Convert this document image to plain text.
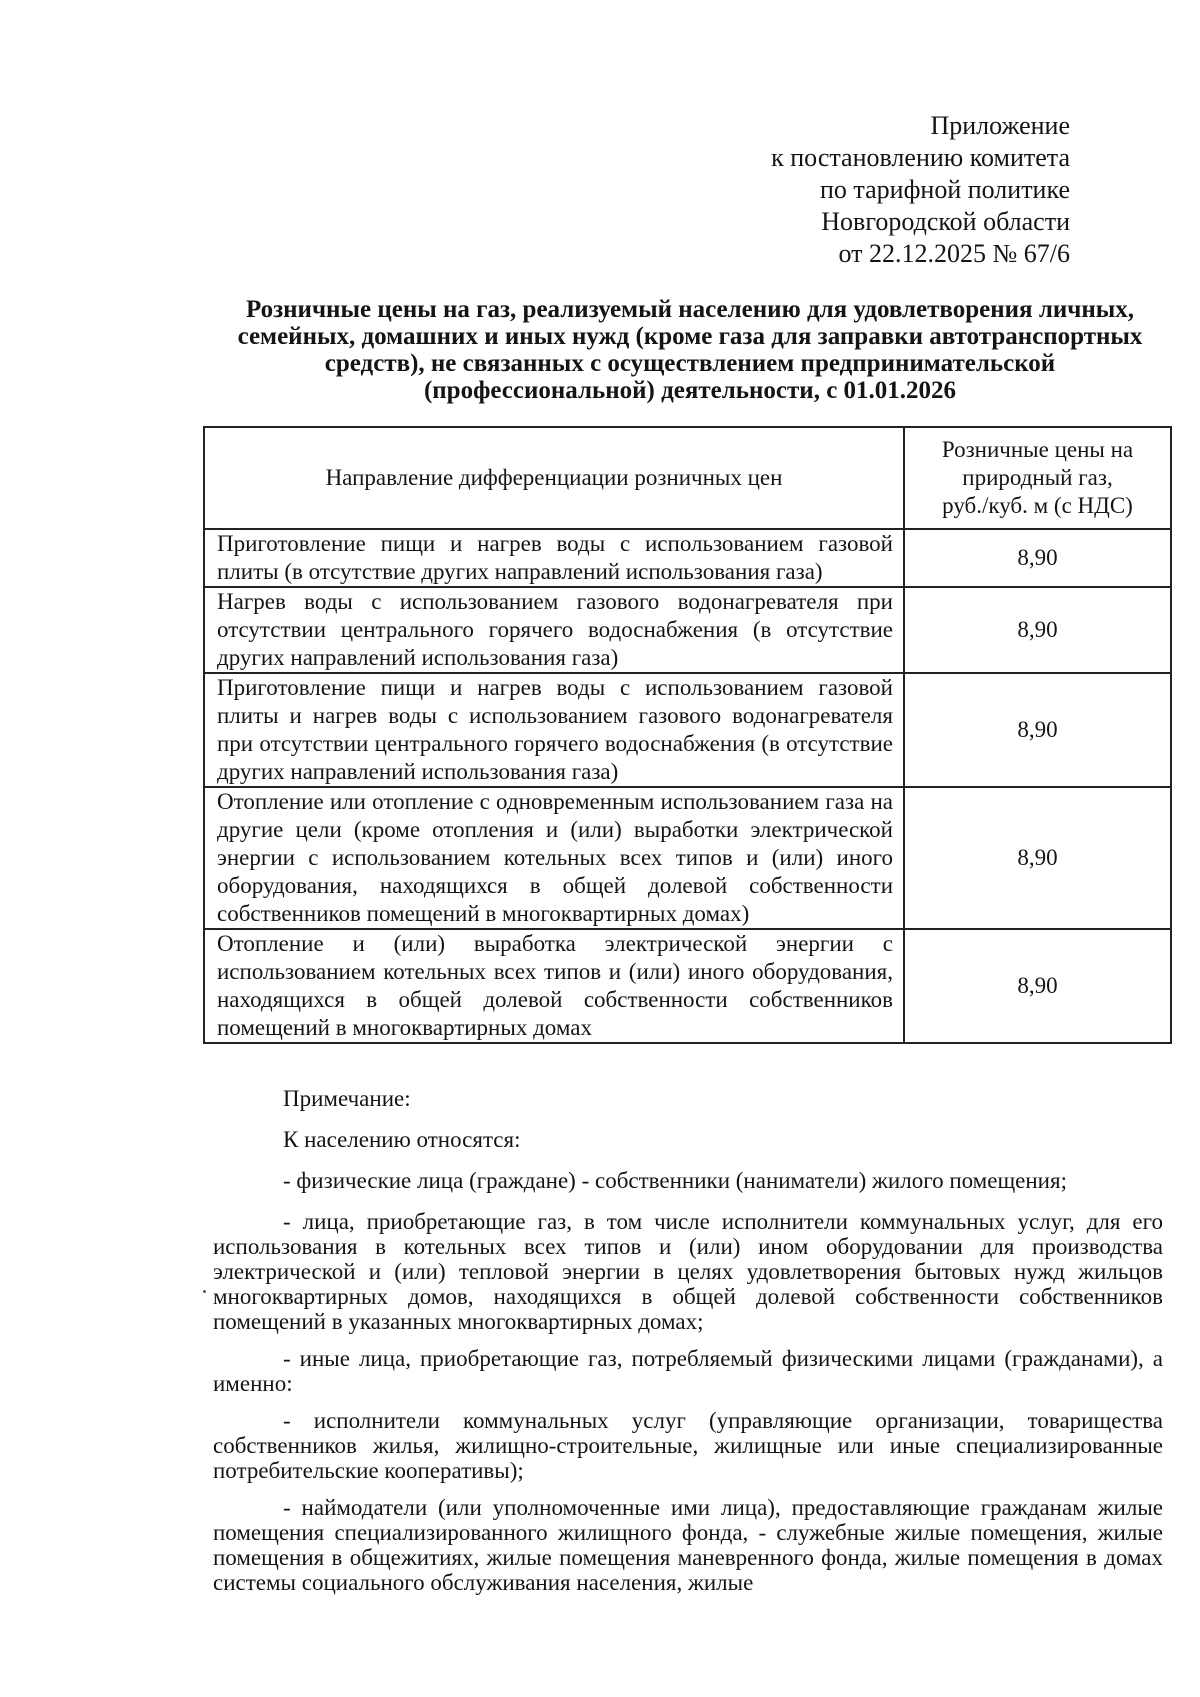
Приложение
к постановлению комитета
по тарифной политике
Новгородской области
от 22.12.2025 № 67/6
Розничные цены на газ, реализуемый населению для удовлетворения личных, семейных, домашних и иных нужд (кроме газа для заправки автотранспортных средств), не связанных с осуществлением предпринимательской (профессиональной) деятельности, с 01.01.2026
Направление дифференциации розничных цен	Розничные цены на
природный газ,
руб./куб. м (с НДС)

Приготовление пищи и нагрев воды с использованием газовой плиты (в отсутствие других направлений использования газа)	8,90
Нагрев воды с использованием газового водонагревателя при отсутствии центрального горячего водоснабжения (в отсутствие других направлений использования газа)	8,90
Приготовление пищи и нагрев воды с использованием газовой плиты и нагрев воды с использованием газового водонагревателя при отсутствии центрального горячего водоснабжения (в отсутствие других направлений использования газа)	8,90
Отопление или отопление с одновременным использованием газа на другие цели (кроме отопления и (или) выработки электрической энергии с использованием котельных всех типов и (или) иного оборудования, находящихся в общей долевой собственности собственников помещений в многоквартирных домах)	8,90
Отопление и (или) выработка электрической энергии с использованием котельных всех типов и (или) иного оборудования, находящихся в общей долевой собственности собственников помещений в многоквартирных домах	8,90

Примечание:

К населению относятся:

- физические лица (граждане) - собственники (наниматели) жилого помещения;

- лица, приобретающие газ, в том числе исполнители коммунальных услуг, для его использования в котельных всех типов и (или) ином оборудовании для производства электрической и (или) тепловой энергии в целях удовлетворения бытовых нужд жильцов многоквартирных домов, находящихся в общей долевой собственности собственников помещений в указанных многоквартирных домах;

- иные лица, приобретающие газ, потребляемый физическими лицами (гражданами), а именно:

- исполнители коммунальных услуг (управляющие организации, товарищества собственников жилья, жилищно-строительные, жилищные или иные специализированные потребительские кооперативы);

- наймодатели (или уполномоченные ими лица), предоставляющие гражданам жилые помещения специализированного жилищного фонда, - служебные жилые помещения, жилые помещения в общежитиях, жилые помещения маневренного фонда, жилые помещения в домах системы социального обслуживания населения, жилые
